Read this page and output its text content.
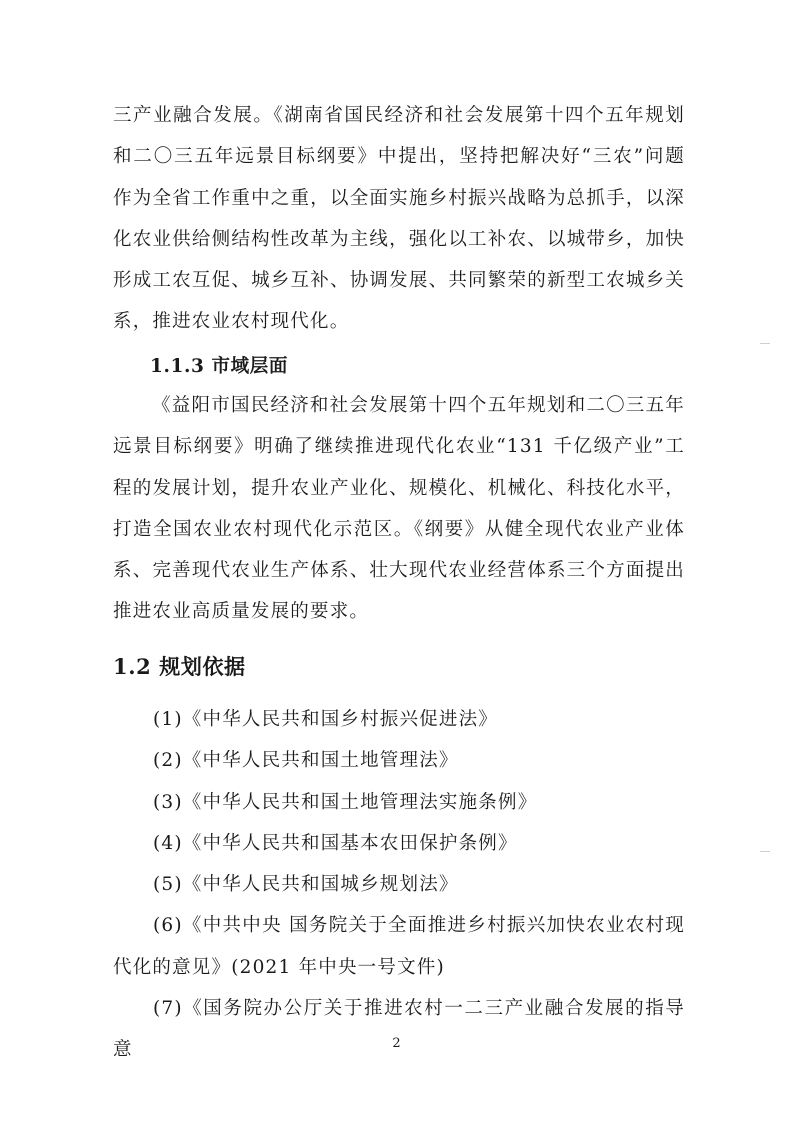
三产业融合发展。《湖南省国民经济和社会发展第十四个五年规划和二〇三五年远景目标纲要》中提出，坚持把解决好“三农”问题作为全省工作重中之重，以全面实施乡村振兴战略为总抓手，以深化农业供给侧结构性改革为主线，强化以工补农、以城带乡，加快形成工农互促、城乡互补、协调发展、共同繁荣的新型工农城乡关系，推进农业农村现代化。

1.1.3 市域层面

《益阳市国民经济和社会发展第十四个五年规划和二〇三五年远景目标纲要》明确了继续推进现代化农业“131 千亿级产业”工程的发展计划，提升农业产业化、规模化、机械化、科技化水平，打造全国农业农村现代化示范区。《纲要》从健全现代农业产业体系、完善现代农业生产体系、壮大现代农业经营体系三个方面提出推进农业高质量发展的要求。

1.2 规划依据
(1)《中华人民共和国乡村振兴促进法》
(2)《中华人民共和国土地管理法》
(3)《中华人民共和国土地管理法实施条例》
(4)《中华人民共和国基本农田保护条例》
(5)《中华人民共和国城乡规划法》
(6)《中共中央 国务院关于全面推进乡村振兴加快农业农村现代化的意见》(2021 年中央一号文件)
(7)《国务院办公厅关于推进农村一二三产业融合发展的指导意	2
